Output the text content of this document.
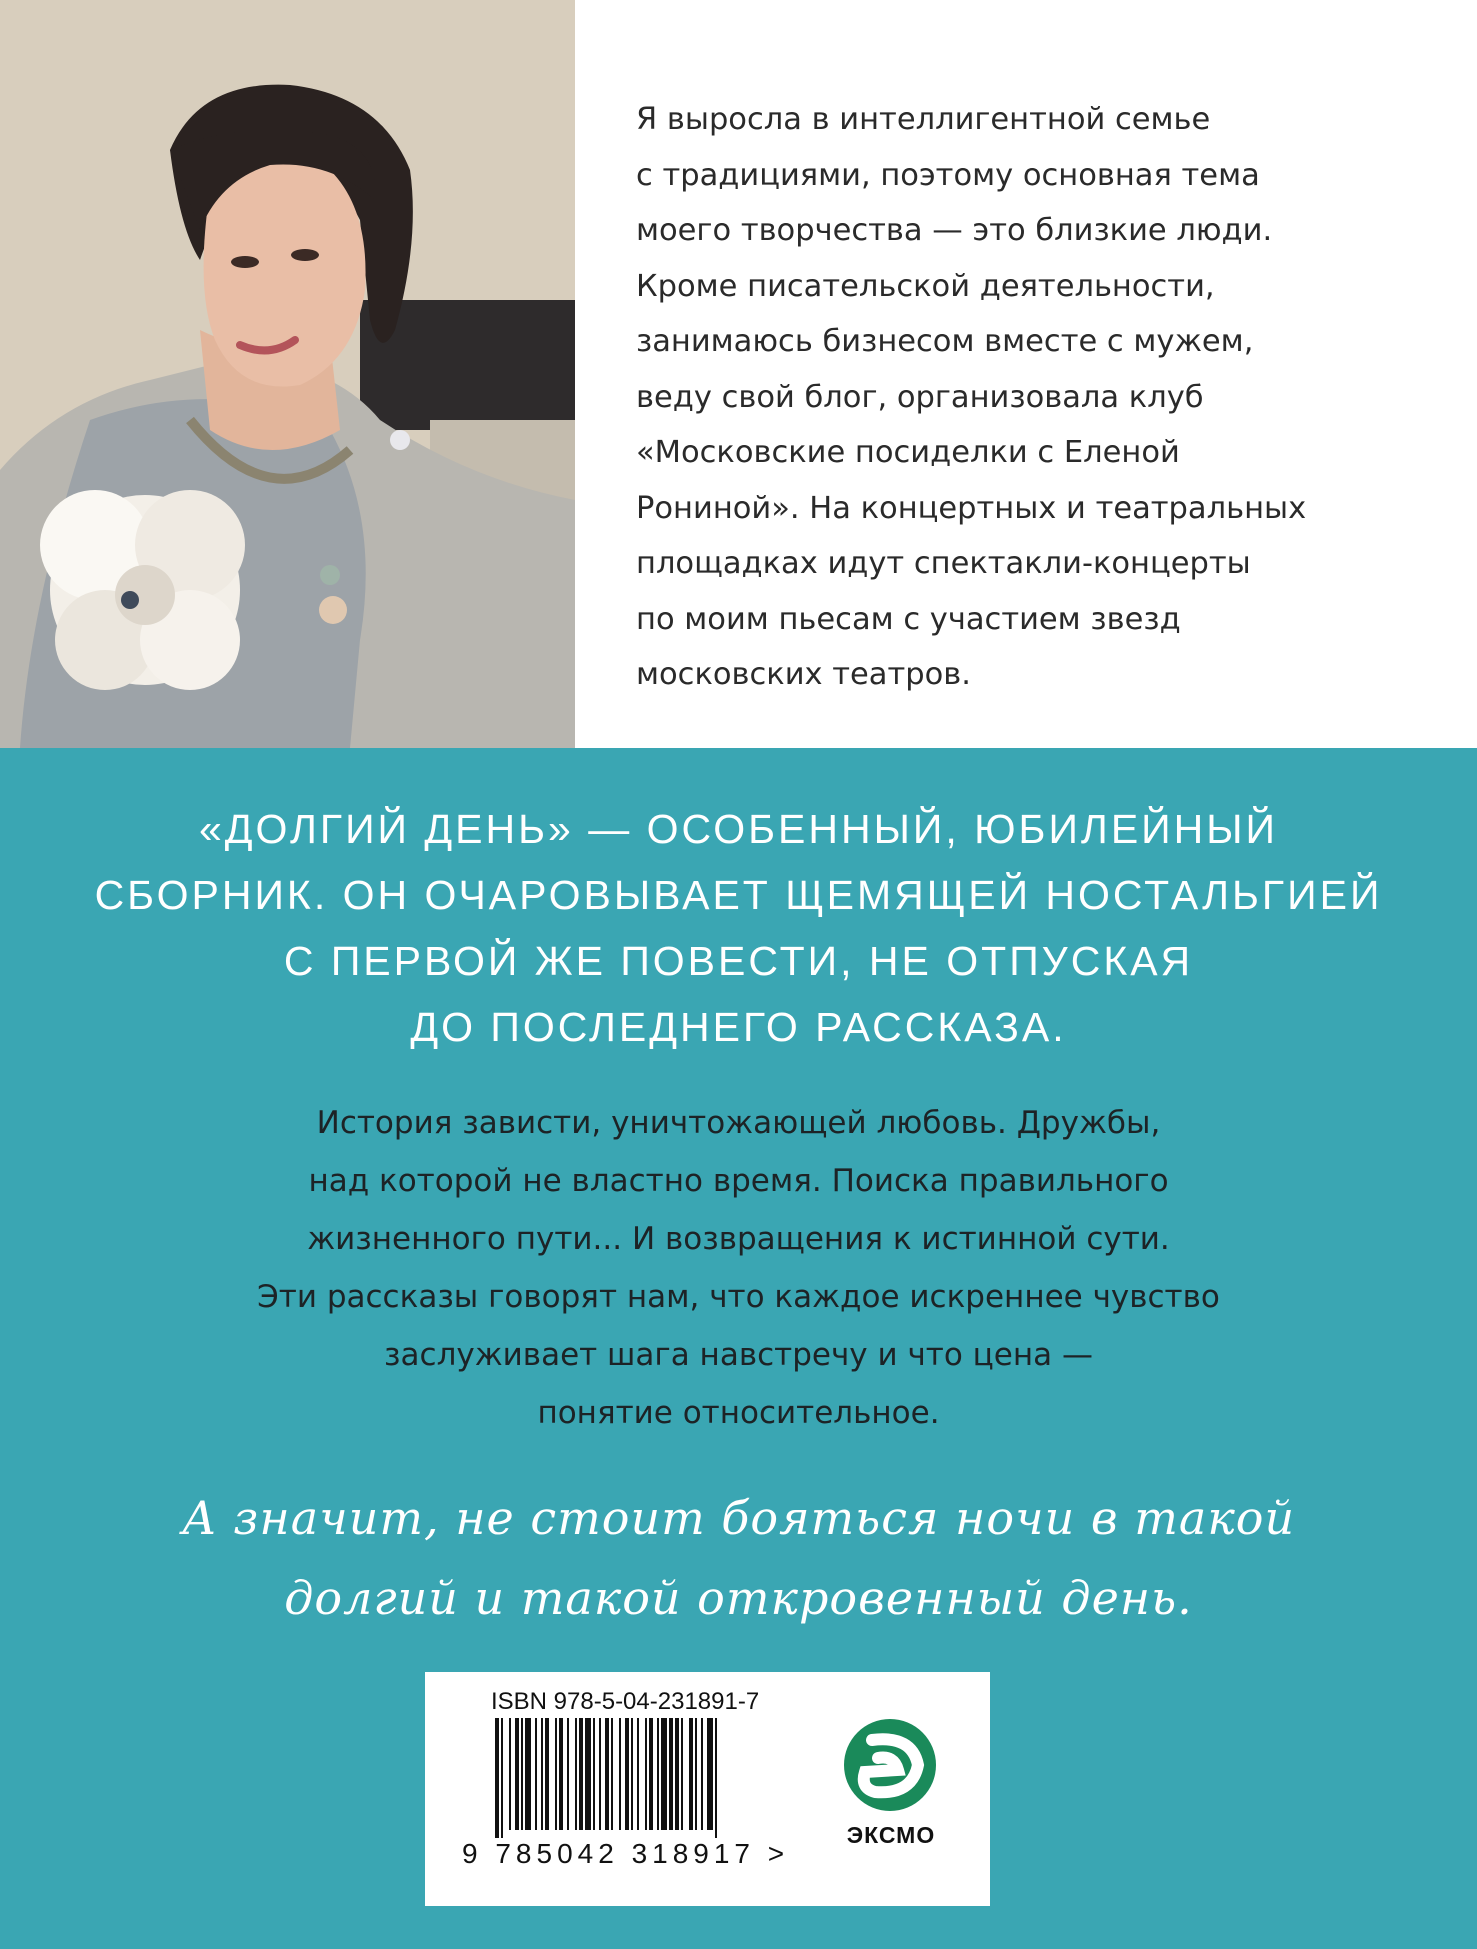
Я выросла в интеллигентной семье
с традициями, поэтому основная тема
моего творчества — это близкие люди.
Кроме писательской деятельности,
занимаюсь бизнесом вместе с мужем,
веду свой блог, организовала клуб
«Московские посиделки с Еленой
Рониной». На концертных и театральных
площадках идут спектакли-концерты
по моим пьесам с участием звезд
московских театров.
«ДОЛГИЙ ДЕНЬ» — ОСОБЕННЫЙ, ЮБИЛЕЙНЫЙ
СБОРНИК. ОН ОЧАРОВЫВАЕТ ЩЕМЯЩЕЙ НОСТАЛЬГИЕЙ
С ПЕРВОЙ ЖЕ ПОВЕСТИ, НЕ ОТПУСКАЯ
ДО ПОСЛЕДНЕГО РАССКАЗА.
История зависти, уничтожающей любовь. Дружбы,
над которой не властно время. Поиска правильного
жизненного пути... И возвращения к истинной сути.
Эти рассказы говорят нам, что каждое искреннее чувство
заслуживает шага навстречу и что цена —
понятие относительное.
А значит, не стоит бояться ночи в такой
долгий и такой откровенный день.
ISBN 978-5-04-231891-7
9 785042 318917 >
ЭКСМО
